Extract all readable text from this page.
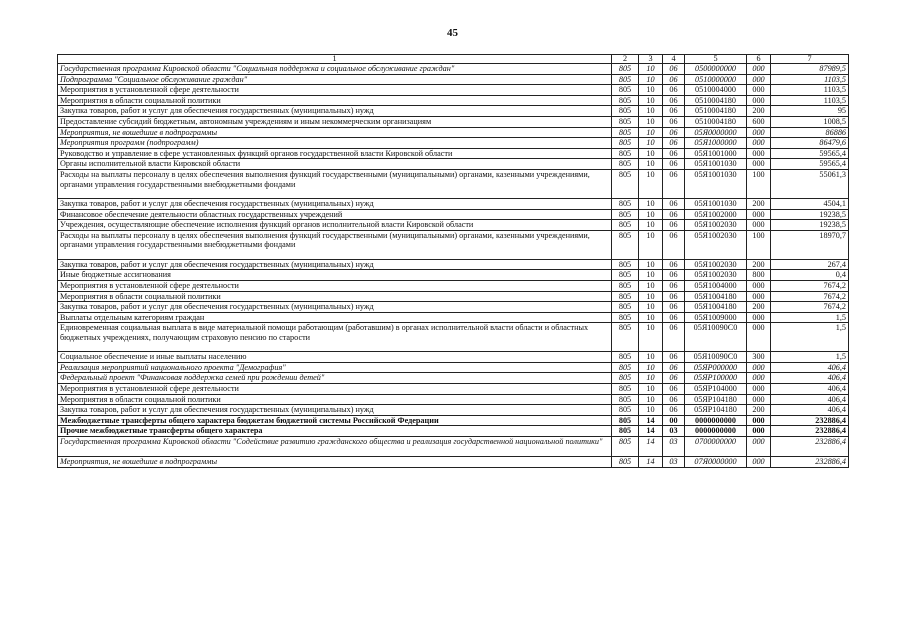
45
1	2	3	4	5	6	7
Государственная программа Кировской области "Социальная поддержка и социальное обслуживание граждан"	805	10	06	0500000000	000	87989,5
Подпрограмма "Социальное обслуживание граждан"	805	10	06	0510000000	000	1103,5
Мероприятия в установленной сфере деятельности	805	10	06	0510004000	000	1103,5
Мероприятия в области социальной политики	805	10	06	0510004180	000	1103,5
Закупка товаров, работ и услуг для обеспечения государственных (муниципальных) нужд	805	10	06	0510004180	200	95
Предоставление субсидий бюджетным, автономным учреждениям и иным некоммерческим организациям	805	10	06	0510004180	600	1008,5
Мероприятия, не вошедшие в подпрограммы	805	10	06	05Я0000000	000	86886
Мероприятия программ (подпрограмм)	805	10	06	05Я1000000	000	86479,6
Руководство и управление в сфере установленных функций органов государственной власти Кировской области	805	10	06	05Я1001000	000	59565,4
Органы исполнительной власти Кировской области	805	10	06	05Я1001030	000	59565,4
Расходы на выплаты персоналу в целях обеспечения выполнения функций государственными (муниципальными) органами, казенными учреждениями, органами управления государственными внебюджетными фондами	805	10	06	05Я1001030	100	55061,3
Закупка товаров, работ и услуг для обеспечения государственных (муниципальных) нужд	805	10	06	05Я1001030	200	4504,1
Финансовое обеспечение деятельности областных государственных учреждений	805	10	06	05Я1002000	000	19238,5
Учреждения, осуществляющие обеспечение исполнения функций органов исполнительной власти Кировской области	805	10	06	05Я1002030	000	19238,5
Расходы на выплаты персоналу в целях обеспечения выполнения функций государственными (муниципальными) органами, казенными учреждениями, органами управления государственными внебюджетными фондами	805	10	06	05Я1002030	100	18970,7
Закупка товаров, работ и услуг для обеспечения государственных (муниципальных) нужд	805	10	06	05Я1002030	200	267,4
Иные бюджетные ассигнования	805	10	06	05Я1002030	800	0,4
Мероприятия в установленной сфере деятельности	805	10	06	05Я1004000	000	7674,2
Мероприятия в области социальной политики	805	10	06	05Я1004180	000	7674,2
Закупка товаров, работ и услуг для обеспечения государственных (муниципальных) нужд	805	10	06	05Я1004180	200	7674,2
Выплаты отдельным категориям граждан	805	10	06	05Я1009000	000	1,5
Единовременная социальная выплата в виде материальной помощи работающим (работавшим) в органах исполнительной власти области и областных бюджетных учреждениях, получающим страховую пенсию по старости	805	10	06	05Я10090С0	000	1,5
Социальное обеспечение и иные выплаты населению	805	10	06	05Я10090С0	300	1,5
Реализация мероприятий национального проекта "Демография"	805	10	06	05ЯР000000	000	406,4
Федеральный проект "Финансовая поддержка семей при рождении детей"	805	10	06	05ЯР100000	000	406,4
Мероприятия в установленной сфере деятельности	805	10	06	05ЯР104000	000	406,4
Мероприятия в области социальной политики	805	10	06	05ЯР104180	000	406,4
Закупка товаров, работ и услуг для обеспечения государственных (муниципальных) нужд	805	10	06	05ЯР104180	200	406,4
Межбюджетные трансферты общего характера бюджетам бюджетной системы Российской Федерации	805	14	00	0000000000	000	232886,4
Прочие межбюджетные трансферты общего характера	805	14	03	0000000000	000	232886,4
Государственная программа Кировской области "Содействие развитию гражданского общества и реализация государственной национальной политики"	805	14	03	0700000000	000	232886,4
Мероприятия, не вошедшие в подпрограммы	805	14	03	07Я0000000	000	232886,4
